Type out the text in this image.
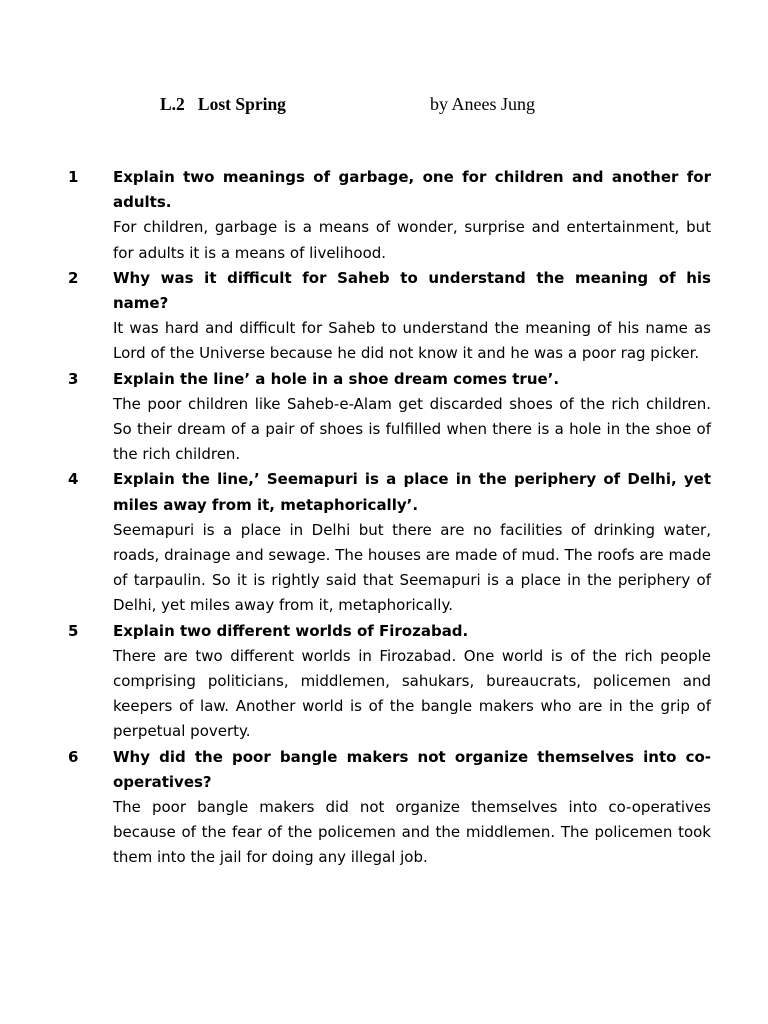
L.2   Lost Spring	by Anees Jung
1 Explain two meanings of garbage, one for children and another for adults.
For children, garbage is a means of wonder, surprise and entertainment, but for adults it is a means of livelihood.
2 Why was it difficult for Saheb to understand the meaning of his name?
It was hard and difficult for Saheb to understand the meaning of his name as Lord of the Universe because he did not know it and he was a poor rag picker.
3 Explain the line’ a hole in a shoe dream comes true’.
The poor children like Saheb-e-Alam get discarded shoes of the rich children. So their dream of a pair of shoes is fulfilled when there is a hole in the shoe of the rich children.
4 Explain the line,’ Seemapuri is a place in the periphery of Delhi, yet miles away from it, metaphorically’.
Seemapuri is a place in Delhi but there are no facilities of drinking water, roads, drainage and sewage. The houses are made of mud. The roofs are made of tarpaulin. So it is rightly said that Seemapuri is a place in the periphery of Delhi, yet miles away from it, metaphorically.
5 Explain two different worlds of Firozabad.
There are two different worlds in Firozabad. One world is of the rich people comprising politicians, middlemen, sahukars, bureaucrats, policemen and keepers of law. Another world is of the bangle makers who are in the grip of perpetual poverty.
6 Why did the poor bangle makers not organize themselves into co-operatives?
The poor bangle makers did not organize themselves into co-operatives because of the fear of the policemen and the middlemen. The policemen took them into the jail for doing any illegal job.
